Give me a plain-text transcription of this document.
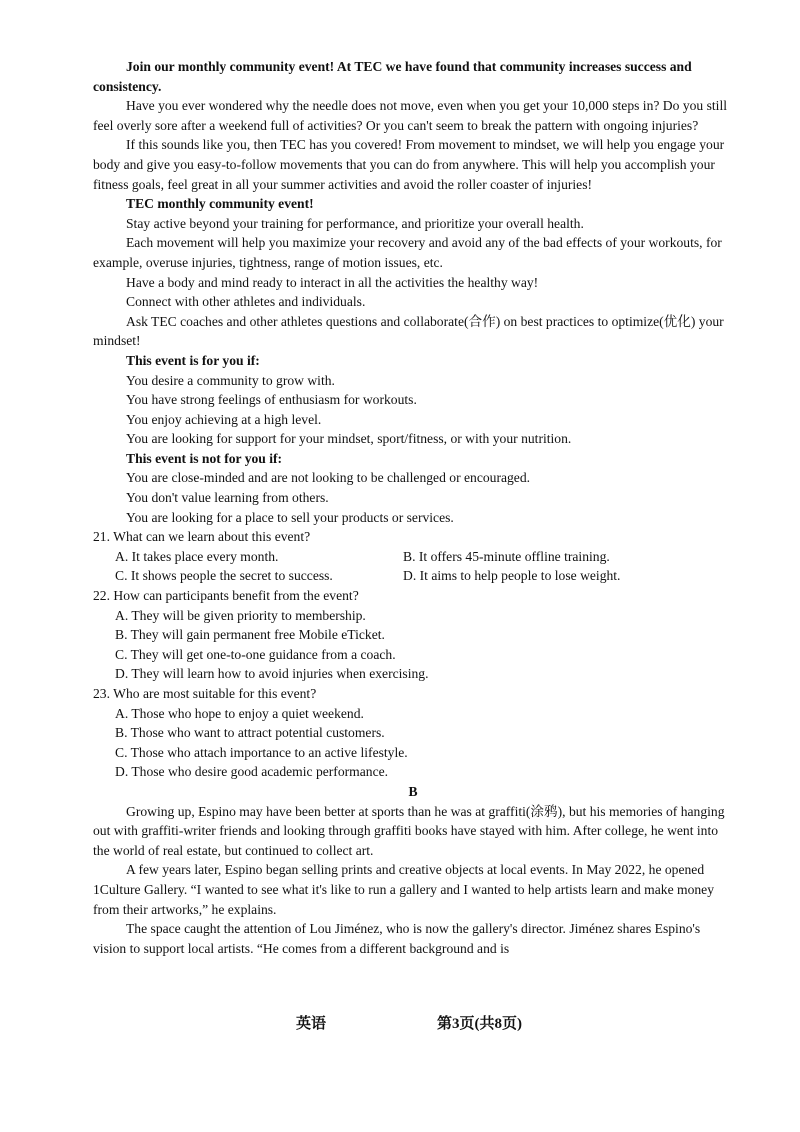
Join our monthly community event! At TEC we have found that community increases success and consistency.

Have you ever wondered why the needle does not move, even when you get your 10,000 steps in? Do you still feel overly sore after a weekend full of activities? Or you can't seem to break the pattern with ongoing injuries?

If this sounds like you, then TEC has you covered! From movement to mindset, we will help you engage your body and give you easy-to-follow movements that you can do from anywhere. This will help you accomplish your fitness goals, feel great in all your summer activities and avoid the roller coaster of injuries!

TEC monthly community event!

Stay active beyond your training for performance, and prioritize your overall health.

Each movement will help you maximize your recovery and avoid any of the bad effects of your workouts, for example, overuse injuries, tightness, range of motion issues, etc.

Have a body and mind ready to interact in all the activities the healthy way!

Connect with other athletes and individuals.

Ask TEC coaches and other athletes questions and collaborate(合作) on best practices to optimize(优化) your mindset!

This event is for you if:

You desire a community to grow with.

You have strong feelings of enthusiasm for workouts.

You enjoy achieving at a high level.

You are looking for support for your mindset, sport/fitness, or with your nutrition.

This event is not for you if:

You are close-minded and are not looking to be challenged or encouraged.

You don't value learning from others.

You are looking for a place to sell your products or services.

21. What can we learn about this event?

A. It takes place every month.	B. It offers 45-minute offline training.
C. It shows people the secret to success.	D. It aims to help people to lose weight.

22. How can participants benefit from the event?

A. They will be given priority to membership.

B. They will gain permanent free Mobile eTicket.

C. They will get one-to-one guidance from a coach.

D. They will learn how to avoid injuries when exercising.

23. Who are most suitable for this event?

A. Those who hope to enjoy a quiet weekend.

B. Those who want to attract potential customers.

C. Those who attach importance to an active lifestyle.

D. Those who desire good academic performance.

B

Growing up, Espino may have been better at sports than he was at graffiti(涂鸦), but his memories of hanging out with graffiti-writer friends and looking through graffiti books have stayed with him. After college, he went into the world of real estate, but continued to collect art.

A few years later, Espino began selling prints and creative objects at local events. In May 2022, he opened 1Culture Gallery. “I wanted to see what it's like to run a gallery and I wanted to help artists learn and make money from their artworks,” he explains.

The space caught the attention of Lou Jiménez, who is now the gallery's director. Jiménez shares Espino's vision to support local artists. “He comes from a different background and is

英语	第3页(共8页)
